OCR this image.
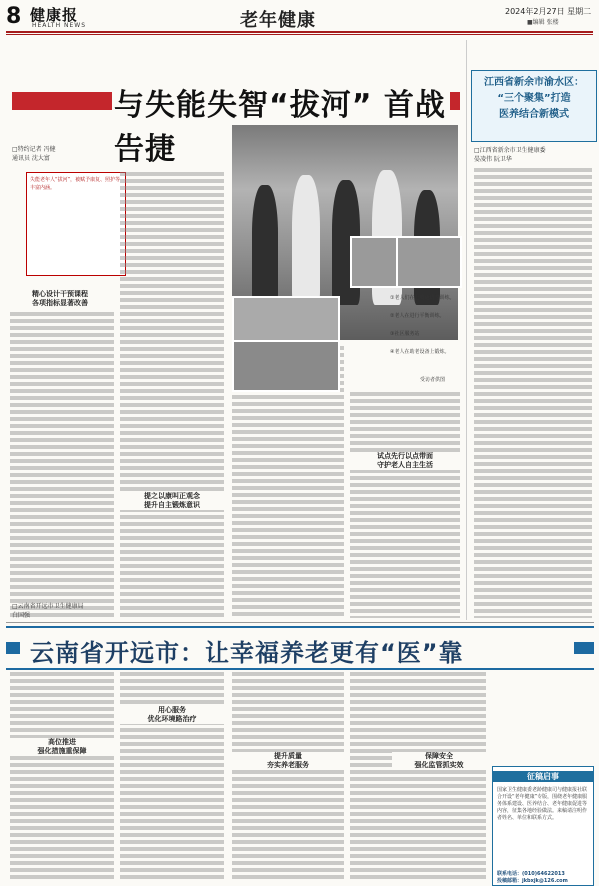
8 健康报
HEALTH NEWS	老年健康	2024年2月27日 星期二
■编辑 张楼
与失能失智“拔河” 首战告捷
□特约记者 冯健
通讯员 沈大富
失能老年人“拔河”，被赋予康复、照护等丰富内涵。
精心设计干预课程
各项指标显著改善
提之以康叫正观念
提升自主锻炼意识
试点先行以点带面
守护老人自主生活
①老人们在上肢运动时训练。
②老人在进行平衡训练。
③社区服务站
④老人在助老设备上锻炼。
受访者供图
江西省新余市渝水区：
“三个聚集”打造
医养结合新模式
□江西省新余市卫生健康委
晏凌伟 阮卫华
□云南省开远市卫生健康局
白国强
云南省开远市：让幸福养老更有“医”靠
高位推进
强化措施重保障
用心服务
优化环境路治疗
提升质量
夯实养老服务
保障安全
强化监管抓实效
征稿启事
国家卫生健康委老龄健康司与健康报社联合开设“老年健康”专版，围绕老年健康服务体系建设、医养结合、老年健康促进等内容，征集各地经验做法。来稿请注明作者姓名、单位和联系方式。
联系电话：(010)64622013
投稿邮箱：jkbxjk@126.com
